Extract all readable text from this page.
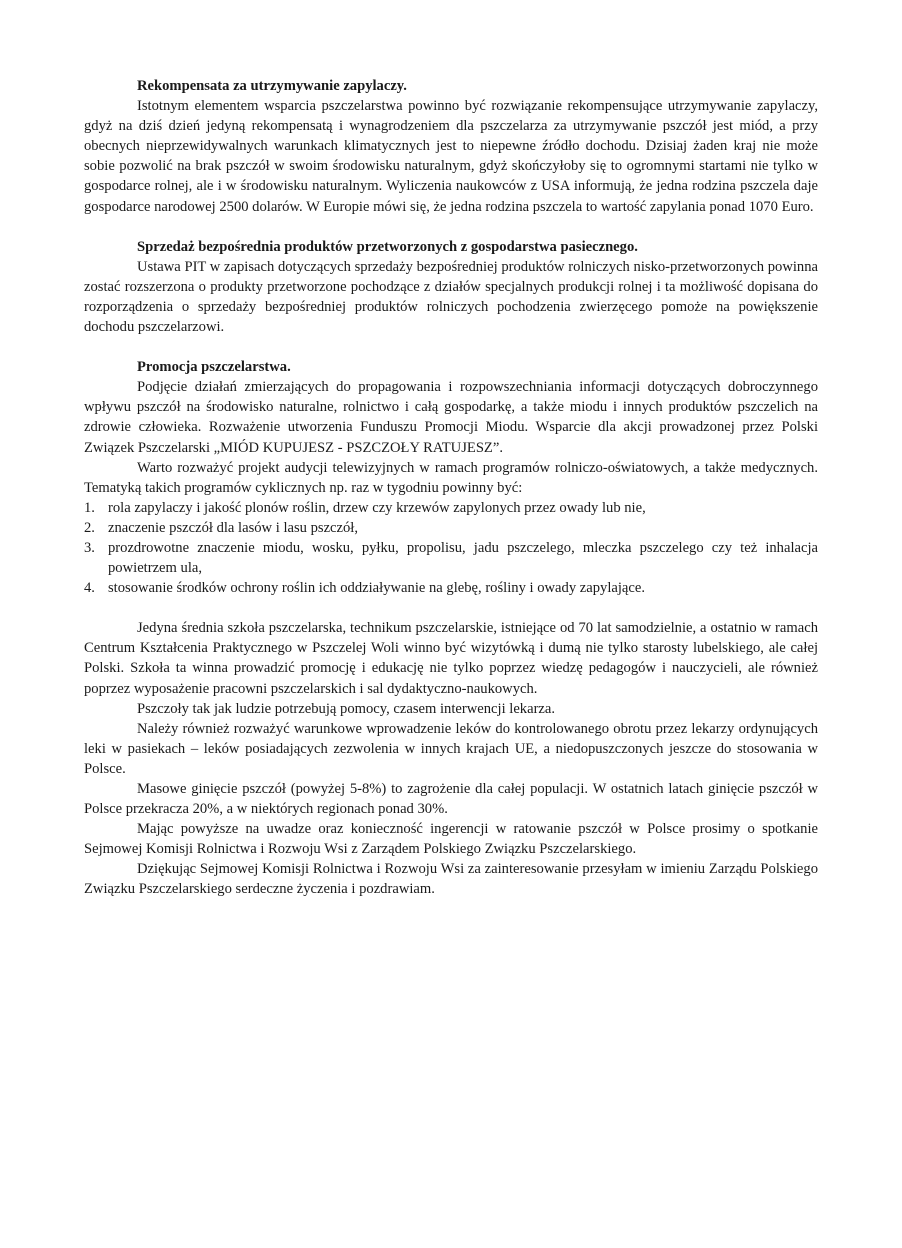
Rekompensata za utrzymywanie zapylaczy.

Istotnym elementem wsparcia pszczelarstwa powinno być rozwiązanie rekompensujące utrzymywanie zapylaczy, gdyż na dziś dzień jedyną rekompensatą i wynagrodzeniem dla pszczelarza za utrzymywanie pszczół jest miód, a przy obecnych nieprzewidywalnych warunkach klimatycznych jest to niepewne źródło dochodu. Dzisiaj żaden kraj nie może sobie pozwolić na brak pszczół w swoim środowisku naturalnym, gdyż skończyłoby się to ogromnymi startami nie tylko w gospodarce rolnej, ale i w środowisku naturalnym. Wyliczenia naukowców z USA informują, że jedna rodzina pszczela daje gospodarce narodowej 2500 dolarów. W Europie mówi się, że jedna rodzina pszczela to wartość zapylania ponad 1070 Euro.

Sprzedaż bezpośrednia produktów przetworzonych z gospodarstwa pasiecznego.

Ustawa PIT w zapisach dotyczących sprzedaży bezpośredniej produktów rolniczych nisko-przetworzonych powinna zostać rozszerzona o produkty przetworzone pochodzące z działów specjalnych produkcji rolnej i ta możliwość dopisana do rozporządzenia o sprzedaży bezpośredniej produktów rolniczych pochodzenia zwierzęcego pomoże na powiększenie dochodu pszczelarzowi.

Promocja pszczelarstwa.

Podjęcie działań zmierzających do propagowania i rozpowszechniania informacji dotyczących dobroczynnego wpływu pszczół na środowisko naturalne, rolnictwo i całą gospodarkę, a także miodu i innych produktów pszczelich na zdrowie człowieka. Rozważenie utworzenia Funduszu Promocji Miodu. Wsparcie dla akcji prowadzonej przez Polski Związek Pszczelarski „MIÓD KUPUJESZ - PSZCZOŁY RATUJESZ”.

Warto rozważyć projekt audycji telewizyjnych w ramach programów rolniczo-oświatowych, a także medycznych. Tematyką takich programów cyklicznych np. raz w tygodniu powinny być:

1. rola zapylaczy i jakość plonów roślin, drzew czy krzewów zapylonych przez owady lub nie,
2. znaczenie pszczół dla lasów i lasu pszczół,
3. prozdrowotne znaczenie miodu, wosku, pyłku, propolisu, jadu pszczelego, mleczka pszczelego czy też inhalacja powietrzem ula,
4. stosowanie środków ochrony roślin ich oddziaływanie na glebę, rośliny i owady zapylające.

Jedyna średnia szkoła pszczelarska, technikum pszczelarskie, istniejące od 70 lat samodzielnie, a ostatnio w ramach Centrum Kształcenia Praktycznego w Pszczelej Woli winno być wizytówką i dumą nie tylko starosty lubelskiego, ale całej Polski. Szkoła ta winna prowadzić promocję i edukację nie tylko poprzez wiedzę pedagogów i nauczycieli, ale również poprzez wyposażenie pracowni pszczelarskich i sal dydaktyczno-naukowych.

Pszczoły tak jak ludzie potrzebują pomocy, czasem interwencji lekarza.

Należy również rozważyć warunkowe wprowadzenie leków do kontrolowanego obrotu przez lekarzy ordynujących leki w pasiekach – leków posiadających zezwolenia w innych krajach UE, a niedopuszczonych jeszcze do stosowania w Polsce.

Masowe ginięcie pszczół (powyżej 5-8%) to zagrożenie dla całej populacji. W ostatnich latach ginięcie pszczół w Polsce przekracza 20%, a w niektórych regionach ponad 30%.

Mając powyższe na uwadze oraz konieczność ingerencji w ratowanie pszczół w Polsce prosimy o spotkanie Sejmowej Komisji Rolnictwa i Rozwoju Wsi z Zarządem Polskiego Związku Pszczelarskiego.

Dziękując Sejmowej Komisji Rolnictwa i Rozwoju Wsi za zainteresowanie przesyłam w imieniu Zarządu Polskiego Związku Pszczelarskiego serdeczne życzenia i pozdrawiam.
